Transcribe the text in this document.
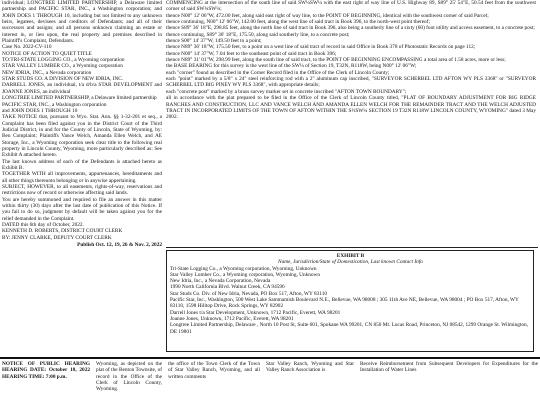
individual; LONGTREE LIMITED PARTNERSHIP, a Delaware limited partnership and PACIFIC STAR, INC., a Washington corporation; and JOHN DOES 1 THROUGH 10, including but not limited to any unknown heirs, legatees, devisees and creditors of Defendants; and all of their successors and assigns; and all persons unknown claiming an estate or interest in, or lien upon, the real property and premises described in Plaintiff's Complaint, Defendants.

Case No. 2022-CV-110

NOTICE OF ACTION TO QUIET TITLE

TO:TRI-STATE LOGGING CO., a Wyoming corporation

STAR VALLEY LUMBER CO., a Wyoming corporation

NEW IDRIA, INC., a Nevada corporation

STAR STUDS CO. A DIVISION OF NEW IDRIA, INC.

DARRELL JONES, an individual, t/a d/b/a STAR DEVELOPMENT and JOANNE JONES, an individual

LONGTREE LIMITED PARTNERSHIP, a Delaware limited partnership

PACIFIC STAR, INC., a Washington corporation

and JOHN DOES 1 THROUGH 10

TAKE NOTICE that, pursuant to Wyo. Stat. Ann. §§ 1-32-201 et seq., a Complaint has been filed against you in the District Court of the Third Judicial District, in and for the County of Lincoln, State of Wyoming, by: Ben Complaint; Plaintiffs Vance Welch, Amanda Ellen Welch, and AE Storage, Inc., a Wyoming corporation seek clear title to the following real property in Lincoln County, Wyoming, more particularly described as: See Exhibit A attached hereto.

The last known address of each of the Defendants is attached hereto as Exhibit B.

TOGETHER WITH all improvements, appurtenances, hereditaments and all other things thereunto belonging or in anywise appertaining.

SUBJECT, HOWEVER, to all easements, rights-of-way, reservations and restrictions now of record or otherwise affecting said lands.

You are hereby summoned and required to file an answer in this matter within thirty (30) days after the last date of publication of this Notice. If you fail to do so, judgment by default will be taken against you for the relief demanded in the Complaint.

DATED this 6th day of October, 2022.

KENNETH D. ROBERTS, DISTRICT COURT CLERK

BY: JENNY CLARKE, DEPUTY COURT CLERK

Publish Oct. 12, 19, 26 & Nov. 2, 2022

COMMENCING at the intersection of the south line of said SW¼SW¼ with the east right of way line of U.S. Highway 89, S89° 25' 54"E, 50.54 feet from the southwest corner of said SW¼SW¼;

thence N00° 12' 06"W, 472.00 feet, along said east right of way line, to the POINT OF BEGINNING, identical with the southwest corner of said Parcel;

thence continuing, N00° 12' 06"W, 142.00 feet, along the west line of said tract in Book 396, to the north-west point thereof;

thence S89° 36' 18"E, 298.85 feet, along the north line of said tract in Book 396, also being a southerly line of a sixty (60) foot utility and access easement, to a concrete post;

thence continuing, S89° 36' 18"E, 175.50, along said southerly line, to a concrete post;

thence S00° 14' 37"W, 149.50 feet to a point;

thence N89° 36' 18"W, 175.50 feet, to a point on a west line of said tract of record in said Office in Book 378 of Photostatic Records on page 112;

thence N00° 14' 37"W, 7.04 feet to the southeast point of said tract in Book 396;

thence N89° 31' 01"W, 298.99 feet, along the south line of said tract, to the POINT OF BEGINNING ENCOMPASSING a total area of 1.58 acres, more or less;

the BASE BEARING for this survey is the west line of the SW¼ of Section 19, T32N, R118W, being N00° 12' 06"W;

each "corner" found as described in the Corner Record filed in the Office of the Clerk of Lincoln County;

each "point" marked by a 5/8" x 24" steel reinforcing rod with a 2" aluminum cap inscribed, "SURVEYOR SCHERBEL LTD AFTON WY PLS 3368" or "SURVEYOR SCHERBEL LTD BIG PINEY WY PLS 3368", with appropriate details;

each "concrete post" marked by a brass survey marker set in concrete inscribed "AFTON TOWN BOUNDARY";

all in accordance with the plat prepared to be filed in the Office of the Clerk of Lincoln County titled, "PLAT OF BOUNDARY ADJUSTMENT FOR BIG RIDGE RANCHES AND CONSTRUCTION, LLC AND VANCE WELCH AND AMANDA ELLEN WELCH FOR THE REMAINDER TRACT AND THE WELCH ADJUSTED TRACT IN INCORPORATED LIMITS OF THE TOWN OF AFTON WITHIN THE S½SW¼ SECTION 19 T32N R118W LINCOLN COUNTY, WYOMING" dated 3 May 2002.

EXHIBIT B

Name, Jurisdiction/State of Domestication, Last known Contact Info

Tri-State Logging Co., a Wyoming corporation, Wyoming, Unknown

Star Valley Lumber Co., a Wyoming corporation, Wyoming, Unknown

New Idria, Inc., a Nevada Corporation, Nevada

1990 North California Blvd. Walnut Creek, CA 94596

Star Studs Co. Div. of New Idria, Nevada, PO Box 517, Afton, WY 83110

Pacific Star, Inc., Washington, 500 West Lake Sammamish Boulevard N.E., Bellevue, WA 98008 ; 305 11th Ave NE, Bellevue, WA 98004 ; PO Box 517, Afton, WY 83110, 1598 Hilltop Drive, Rock Springs, WY 82902

Darrell Jones t/a Star Development, Unknown, 1712 Pacific, Everett, WA 98201

Joanne Jones, Unknown, 1712 Pacific, Everett, WA 98201

Longtree Limited Partnership, Delaware , North 10 Post St, Suite 601, Spokane WA 99201, CN 850 Mt. Lucas Road, Princeton, NJ 08542, 1299 Orange St. Wilmington, DE 19801

NOTICE OF PUBLIC HEARING HEARING DATE: October 18, 2022 HEARING TIME: 7:00 p.m.

Wyoming, as depicted on the plat of the Benton Townsite, of record in the Office of the Clerk of Lincoln County, Wyoming.

the office of the Town Clerk of the Town of Star Valley Ranch, Wyoming, and all written comments

Star Valley Ranch, Wyoming and Star Valley Ranch Association is

Receive Reimbursement from Subsequent Developers for Expenditures for the Installation of Water Lines
